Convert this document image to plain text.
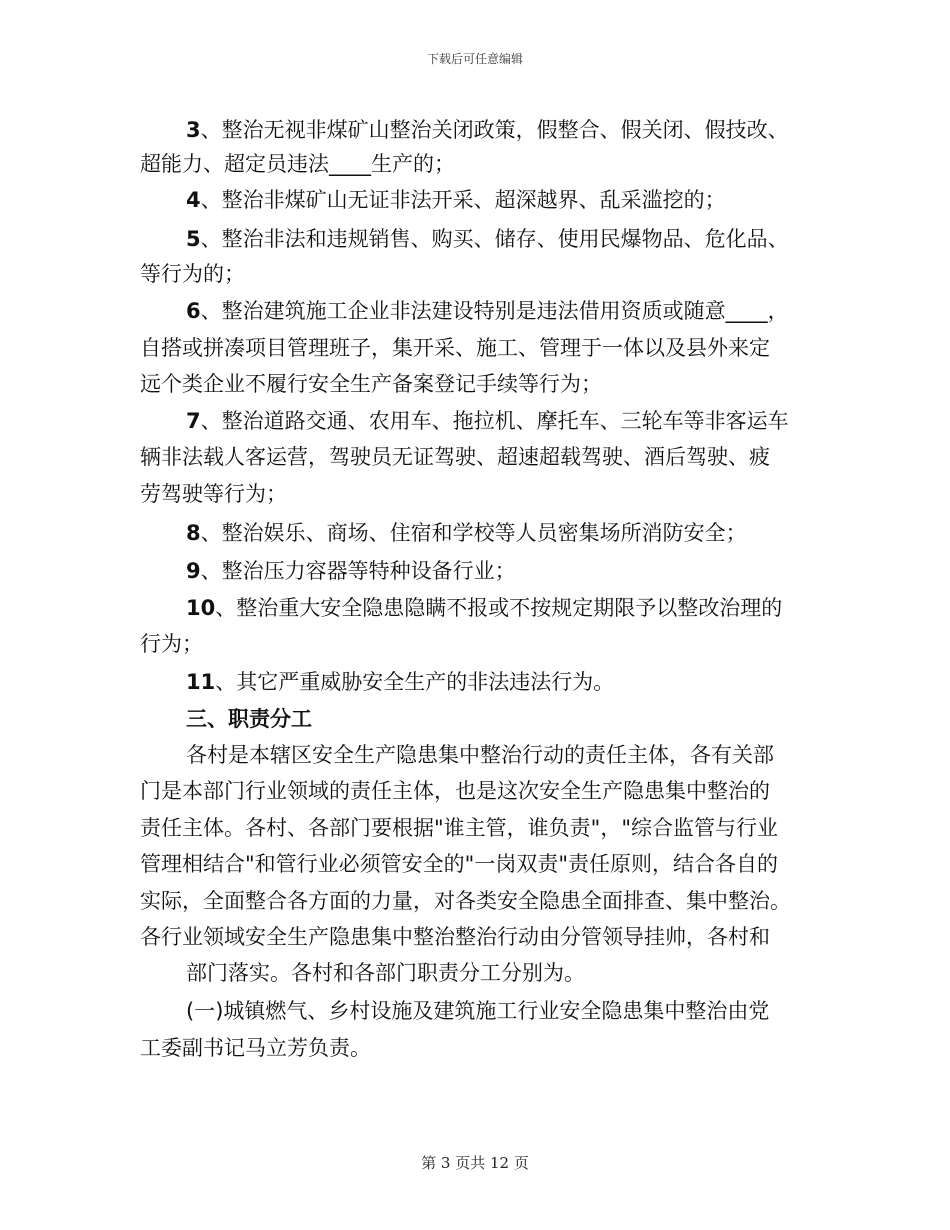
下载后可任意编辑
3、整治无视非煤矿山整治关闭政策，假整合、假关闭、假技改、
超能力、超定员违法____生产的；
4、整治非煤矿山无证非法开采、超深越界、乱采滥挖的；
5、整治非法和违规销售、购买、储存、使用民爆物品、危化品、
等行为的；
6、整治建筑施工企业非法建设特别是违法借用资质或随意____，
自搭或拼凑项目管理班子，集开采、施工、管理于一体以及县外来定
远个类企业不履行安全生产备案登记手续等行为；
7、整治道路交通、农用车、拖拉机、摩托车、三轮车等非客运车
辆非法载人客运营，驾驶员无证驾驶、超速超载驾驶、酒后驾驶、疲
劳驾驶等行为；
8、整治娱乐、商场、住宿和学校等人员密集场所消防安全；
9、整治压力容器等特种设备行业；
10、整治重大安全隐患隐瞒不报或不按规定期限予以整改治理的
行为；
11、其它严重威胁安全生产的非法违法行为。
三、职责分工
各村是本辖区安全生产隐患集中整治行动的责任主体，各有关部
门是本部门行业领域的责任主体，也是这次安全生产隐患集中整治的
责任主体。各村、各部门要根据"谁主管，谁负责"，"综合监管与行业
管理相结合"和管行业必须管安全的"一岗双责"责任原则，结合各自的
实际，全面整合各方面的力量，对各类安全隐患全面排查、集中整治。
各行业领域安全生产隐患集中整治整治行动由分管领导挂帅，各村和
部门落实。各村和各部门职责分工分别为。
(一)城镇燃气、乡村设施及建筑施工行业安全隐患集中整治由党
工委副书记马立芳负责。
第 3 页共 12 页
